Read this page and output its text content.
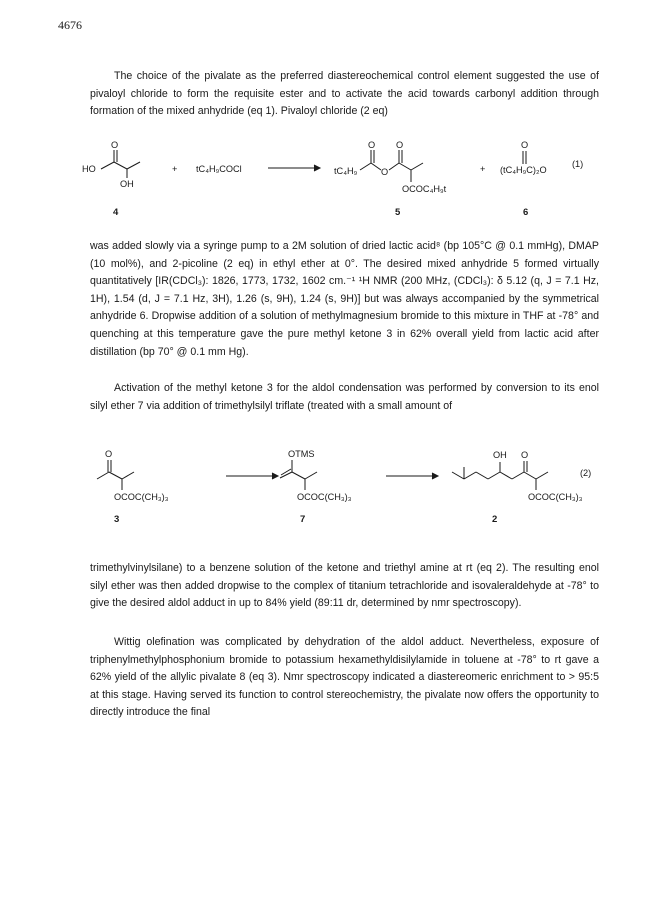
4676

The choice of the pivalate as the preferred diastereochemical control element suggested the use of pivaloyl chloride to form the requisite ester and to activate the acid towards carbonyl addition through formation of the mixed anhydride (eq 1). Pivaloyl chloride (2 eq)

HO
O
OH
4
+ tC₄H₉COCl	tC₄H₉
O
O
O
OCOC₄H₉t
5
+
O
(tC₄H₉C)₂O
6
(1)

was added slowly via a syringe pump to a 2M solution of dried lactic acid⁸ (bp 105°C @ 0.1 mmHg), DMAP (10 mol%), and 2-picoline (2 eq) in ethyl ether at 0°. The desired mixed anhydride 5 formed virtually quantitatively [IR(CDCl₃): 1826, 1773, 1732, 1602 cm.⁻¹ ¹H NMR (200 MHz, (CDCl₃): δ 5.12 (q, J = 7.1 Hz, 1H), 1.54 (d, J = 7.1 Hz, 3H), 1.26 (s, 9H), 1.24 (s, 9H)] but was always accompanied by the symmetrical anhydride 6. Dropwise addition of a solution of methylmagnesium bromide to this mixture in THF at -78° and quenching at this temperature gave the pure methyl ketone 3 in 62% overall yield from lactic acid after distillation (bp 70° @ 0.1 mm Hg).

Activation of the methyl ketone 3 for the aldol condensation was performed by conversion to its enol silyl ether 7 via addition of trimethylsilyl triflate (treated with a small amount of

O
OCOC(CH₃)₃
3
OTMS
OCOC(CH₃)₃
7
OH O
OCOC(CH₃)₃
2
(2)

trimethylvinylsilane) to a benzene solution of the ketone and triethyl amine at rt (eq 2). The resulting enol silyl ether was then added dropwise to the complex of titanium tetrachloride and isovaleraldehyde at -78° to give the desired aldol adduct in up to 84% yield (89:11 dr, determined by nmr spectroscopy).

Wittig olefination was complicated by dehydration of the aldol adduct. Nevertheless, exposure of triphenylmethylphosphonium bromide to potassium hexamethyldisilylamide in toluene at -78° to rt gave a 62% yield of the allylic pivalate 8 (eq 3). Nmr spectroscopy indicated a diastereomeric enrichment to > 95:5 at this stage. Having served its function to control stereochemistry, the pivalate now offers the opportunity to directly introduce the final
